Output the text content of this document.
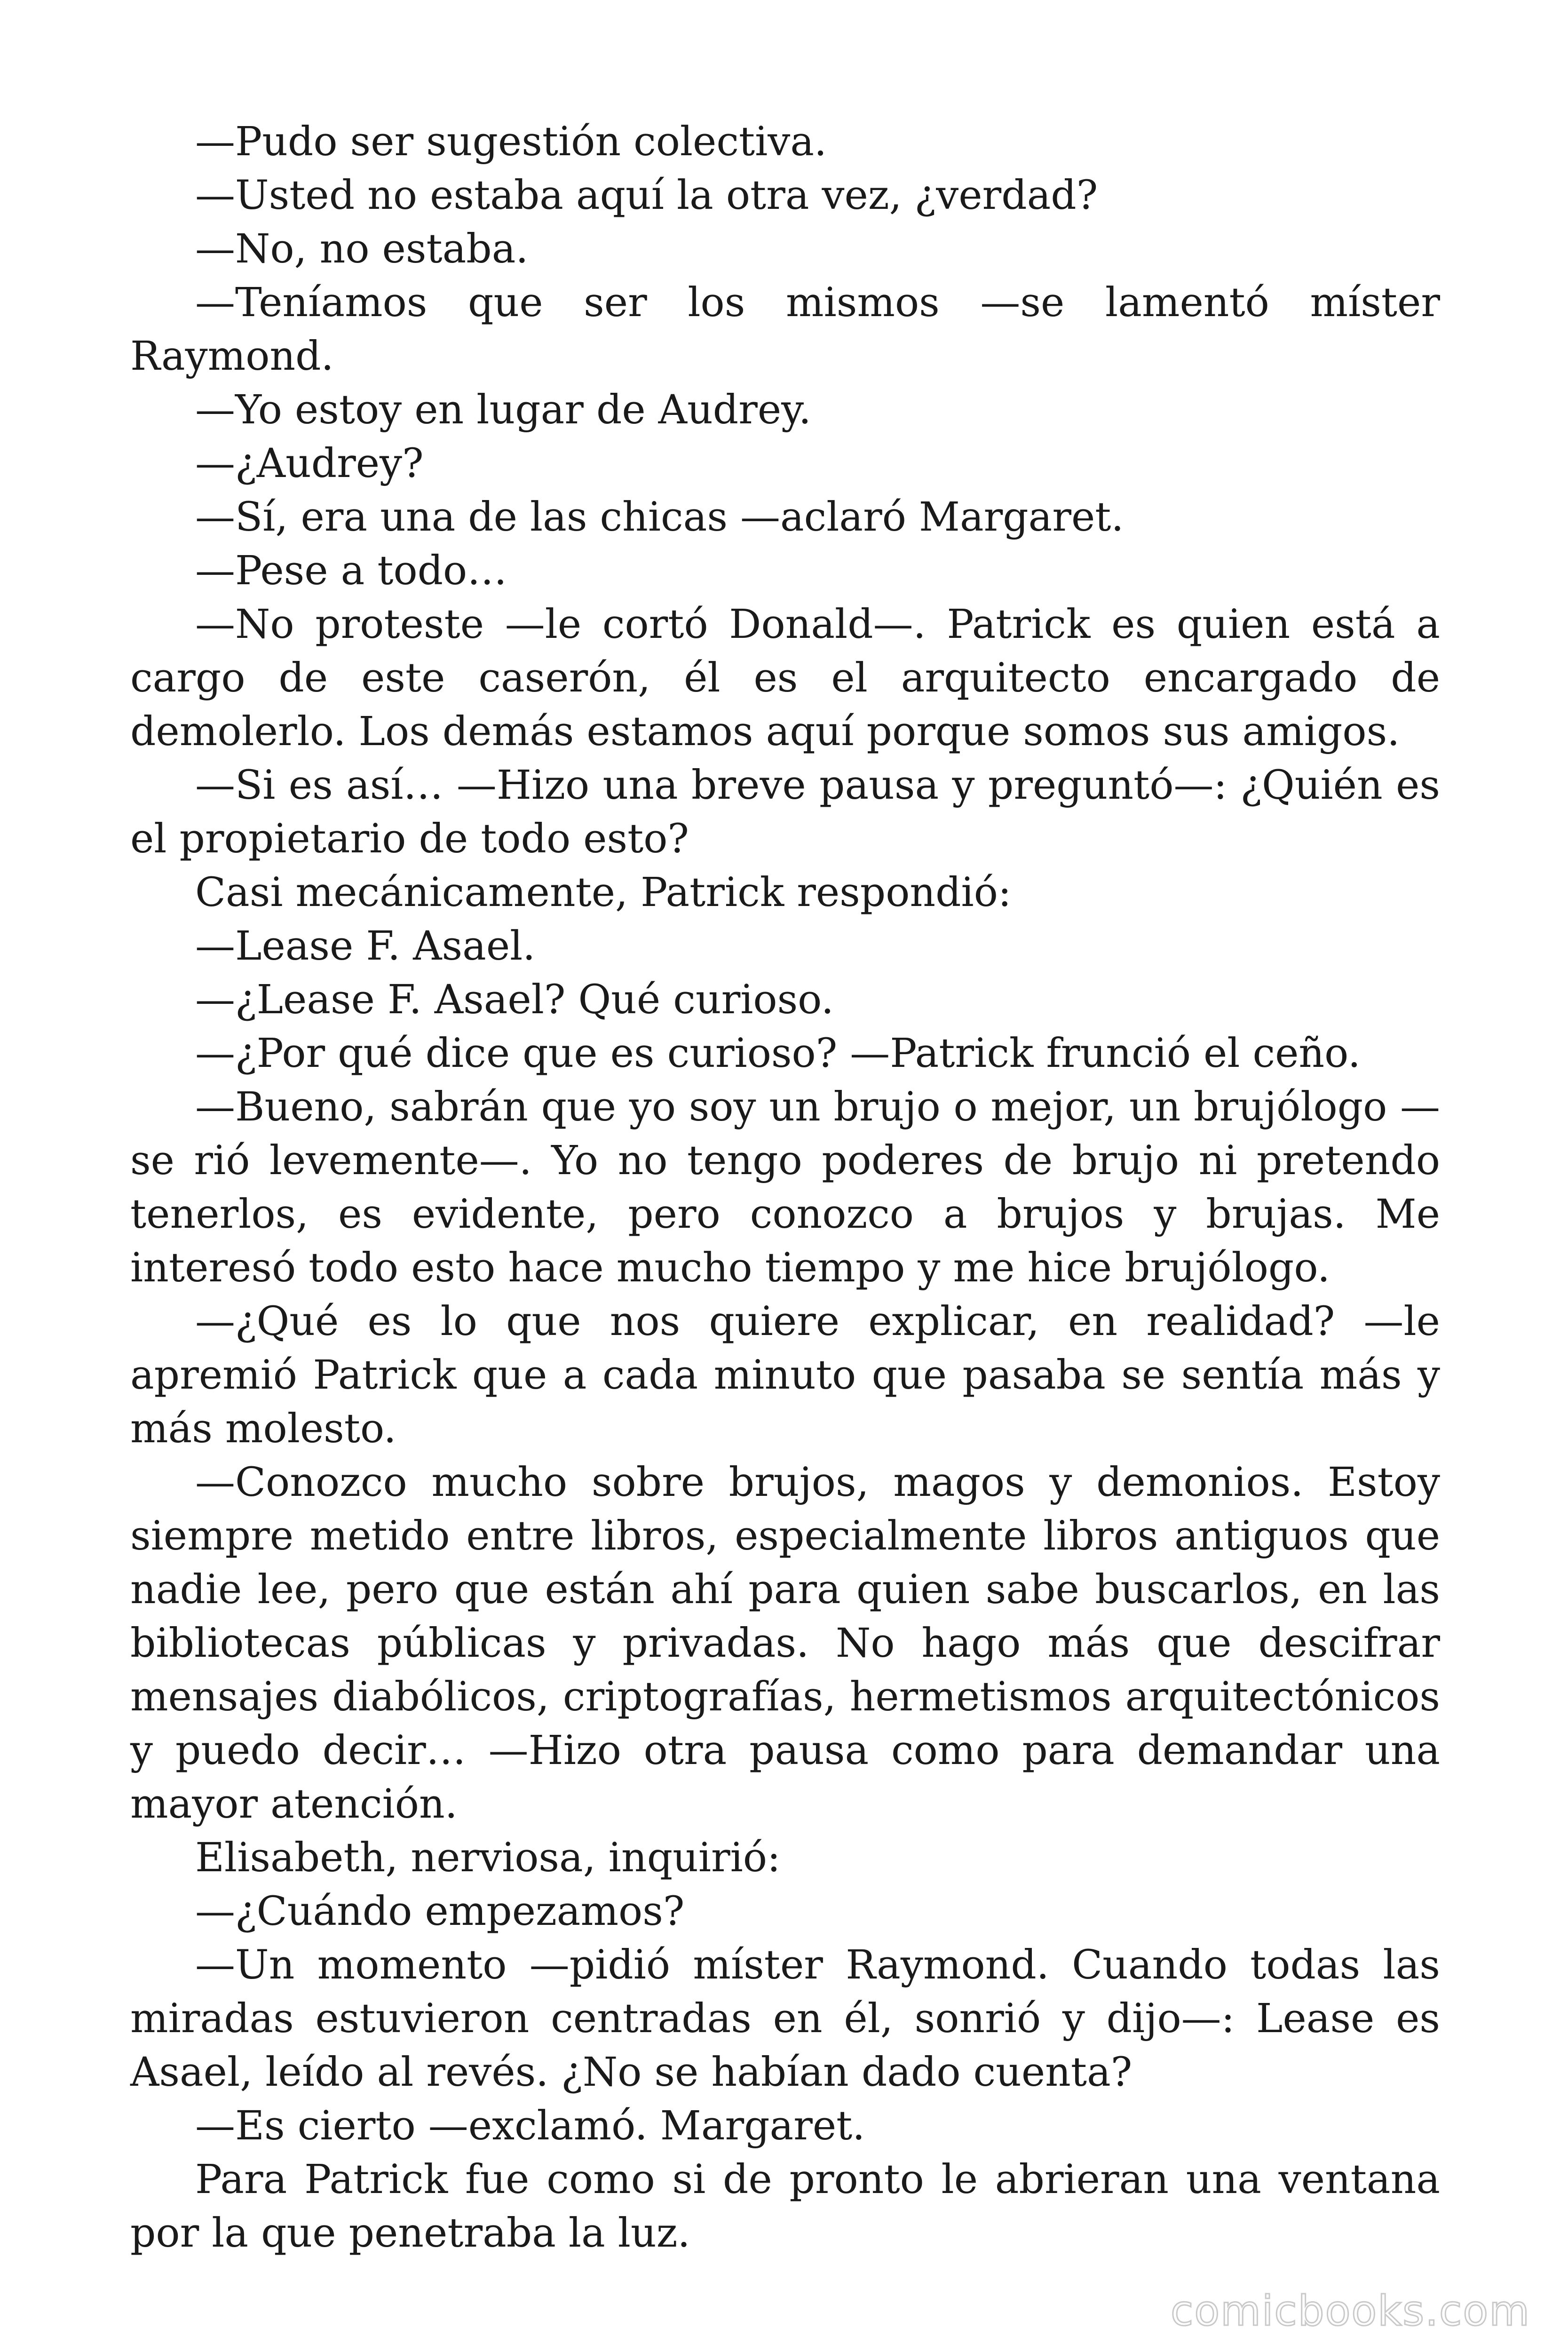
—Pudo ser sugestión colectiva.

—Usted no estaba aquí la otra vez, ¿verdad?

—No, no estaba.

—Teníamos que ser los mismos —se lamentó míster Raymond.

—Yo estoy en lugar de Audrey.

—¿Audrey?

—Sí, era una de las chicas —aclaró Margaret.

—Pese a todo…

—No proteste —le cortó Donald—. Patrick es quien está a cargo de este caserón, él es el arquitecto encargado de demolerlo. Los demás estamos aquí porque somos sus amigos.

—Si es así… —Hizo una breve pausa y preguntó—: ¿Quién es el propietario de todo esto?

Casi mecánicamente, Patrick respondió:

—Lease F. Asael.

—¿Lease F. Asael? Qué curioso.

—¿Por qué dice que es curioso? —Patrick frunció el ceño.

—Bueno, sabrán que yo soy un brujo o mejor, un brujólogo —se rió levemente—. Yo no tengo poderes de brujo ni pretendo tenerlos, es evidente, pero conozco a brujos y brujas. Me interesó todo esto hace mucho tiempo y me hice brujólogo.

—¿Qué es lo que nos quiere explicar, en realidad? —le apremió Patrick que a cada minuto que pasaba se sentía más y más molesto.

—Conozco mucho sobre brujos, magos y demonios. Estoy siempre metido entre libros, especialmente libros antiguos que nadie lee, pero que están ahí para quien sabe buscarlos, en las bibliotecas públicas y privadas. No hago más que descifrar mensajes diabólicos, criptografías, hermetismos arquitectónicos y puedo decir… —Hizo otra pausa como para demandar una mayor atención.

Elisabeth, nerviosa, inquirió:

—¿Cuándo empezamos?

—Un momento —pidió míster Raymond. Cuando todas las miradas estuvieron centradas en él, sonrió y dijo—: Lease es Asael, leído al revés. ¿No se habían dado cuenta?

—Es cierto —exclamó. Margaret.

Para Patrick fue como si de pronto le abrieran una ventana por la que penetraba la luz.

comicbooks.com
